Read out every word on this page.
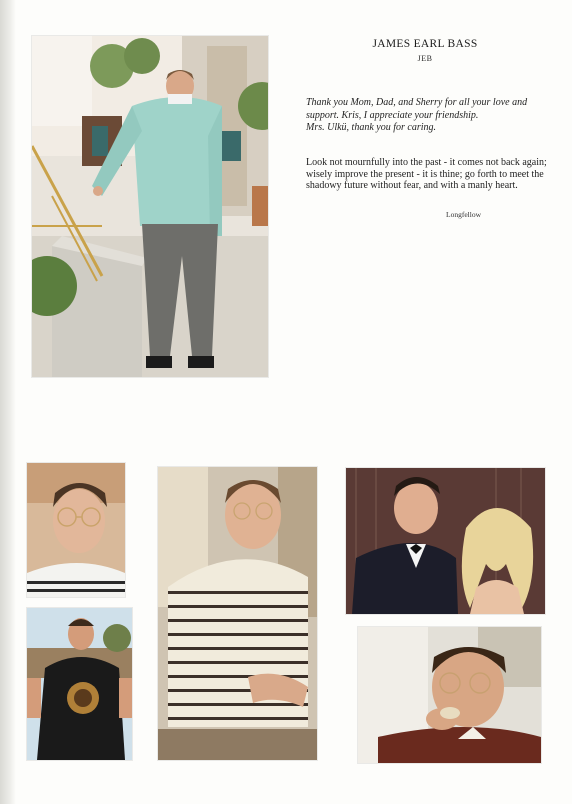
JAMES EARL BASS
JEB

Thank you Mom, Dad, and Sherry for all your love and support. Kris, I appreciate your friendship.

Mrs. Ulkü, thank you for caring.

Look not mournfully into the past - it comes not back again; wisely improve the present - it is thine; go forth to meet the shadowy future without fear, and with a manly heart.
Longfellow
